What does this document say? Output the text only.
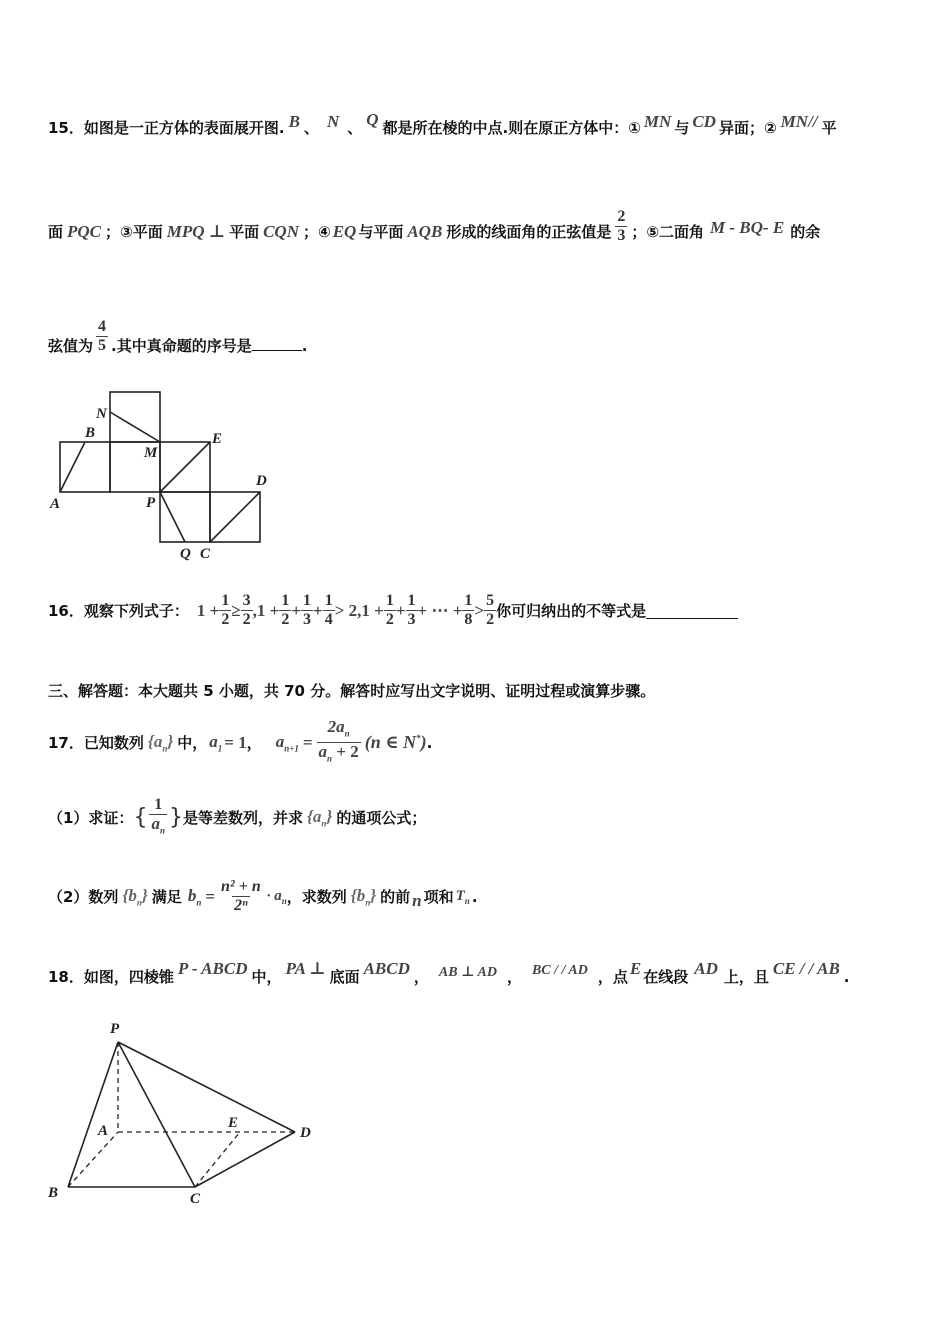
15．如图是一正方体的表面展开图. B 、 N 、 Q 都是所在棱的中点.则在原正方体中：① MN 与 CD 异面；② MN// 平
面 PQC ；③平面 MPQ ⊥ 平面 CQN ；④ EQ 与平面 AQB 形成的线面角的正弦值是 $\frac{2}{3}$ ；⑤二面角 M - BQ- E 的余
弦值为 $\frac{4}{5}$ .其中真命题的序号是	.
N
B
M
E
D
A	P
Q C
16． 观察下列式子： $1 + \frac{1}{2} \ge \frac{3}{2} ,1 + \frac{1}{2} + \frac{1}{3} + \frac{1}{4} > 2,1 + \frac{1}{2} + \frac{1}{3}$ + ⋯ + $\frac{1}{8} > \frac{5}{2}$ 你可归纳出的不等式是
三、解答题：本大题共 5 小题，共 70 分。解答时应写出文字说明、证明过程或演算步骤。
17． 已知数列 $\{a_n\}$ 中， $a_1 = 1$ ， $a_{n+1} = \frac{2a_n}{a_n + 2} (n$ ∈ N*) .
（1）求证： { $\frac{1}{a_n}$ } 是等差数列，并求 $\{a_n\}$ 的通项公式；
（2）数列 $\{b_n\}$ 满足 $b_n = \frac{\text{n² + n}}{\text{2ⁿ}} \cdot a_n$ ，求数列 $\{b_n\}$ 的前 n 项和 $T_n$ .
18．如图，四棱锥 P - ABCD 中， PA ⊥ 底面 ABCD ， AB ⊥ AD ， BC / / AD ，点 E 在线段 AD 上，且 CE / / AB .
P
A	E
D
B	C
